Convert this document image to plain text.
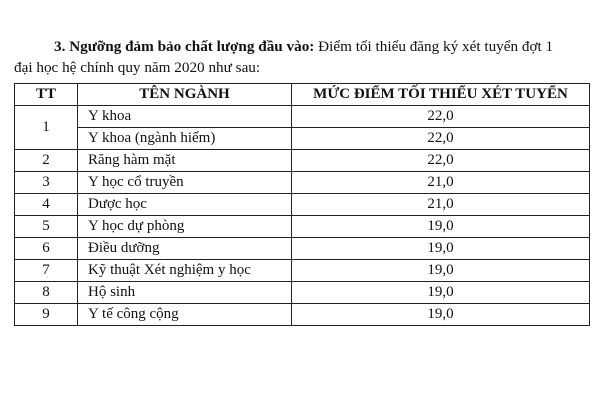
3. Ngưỡng đảm bảo chất lượng đầu vào: Điểm tối thiểu đăng ký xét tuyển đợt 1
đại học hệ chính quy năm 2020 như sau:
TT	TÊN NGÀNH	MỨC ĐIỂM TỐI THIỂU XÉT TUYỂN
1	Y khoa	22,0
	Y khoa (ngành hiếm)	22,0
2	Răng hàm mặt	22,0
3	Y học cổ truyền	21,0
4	Dược học	21,0
5	Y học dự phòng	19,0
6	Điều dưỡng	19,0
7	Kỹ thuật Xét nghiệm y học	19,0
8	Hộ sinh	19,0
9	Y tế công cộng	19,0
